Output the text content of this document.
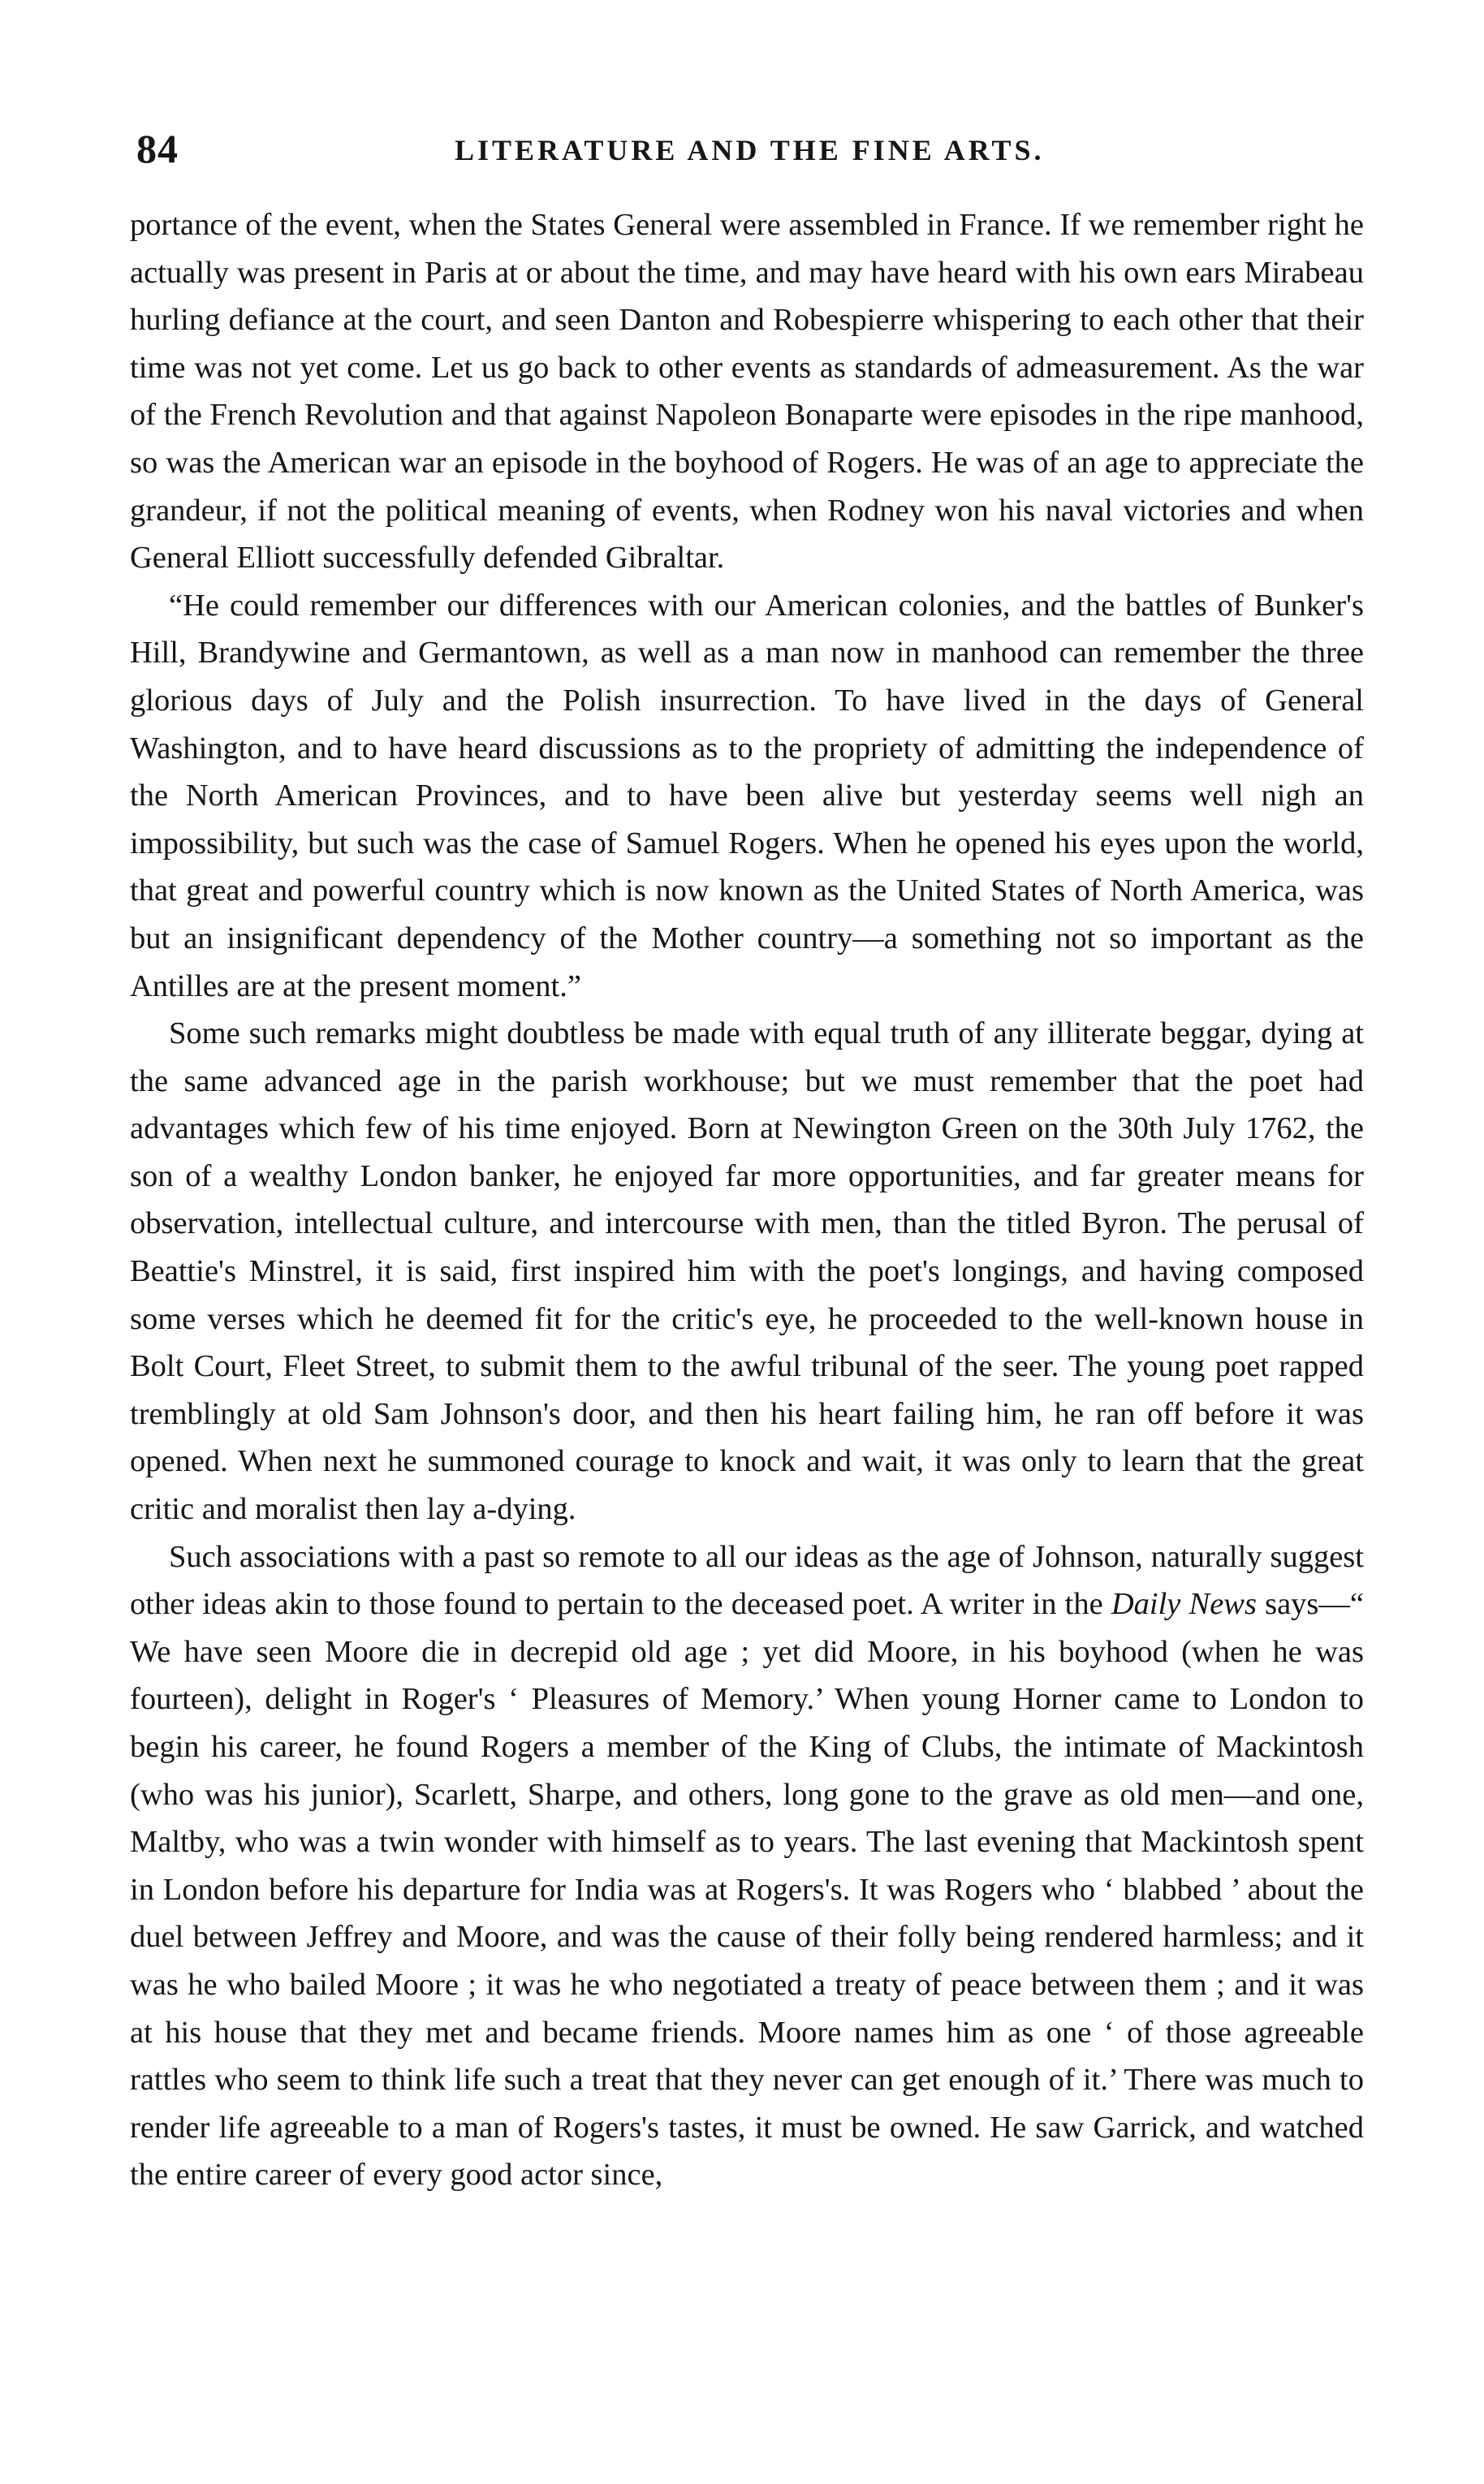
84	LITERATURE AND THE FINE ARTS.

portance of the event, when the States General were assembled in France. If we remember right he actually was present in Paris at or about the time, and may have heard with his own ears Mirabeau hurling defiance at the court, and seen Danton and Robespierre whispering to each other that their time was not yet come. Let us go back to other events as standards of admeasurement. As the war of the French Revolution and that against Napoleon Bonaparte were episodes in the ripe manhood, so was the American war an episode in the boyhood of Rogers. He was of an age to appreciate the grandeur, if not the political meaning of events, when Rodney won his naval victories and when General Elliott successfully defended Gibraltar.

“He could remember our differences with our American colonies, and the battles of Bunker's Hill, Brandywine and Germantown, as well as a man now in manhood can remember the three glorious days of July and the Polish insurrection. To have lived in the days of General Washington, and to have heard discussions as to the propriety of admitting the independence of the North American Provinces, and to have been alive but yesterday seems well nigh an impossibility, but such was the case of Samuel Rogers. When he opened his eyes upon the world, that great and powerful country which is now known as the United States of North America, was but an insignificant dependency of the Mother country—a something not so important as the Antilles are at the present moment.”

Some such remarks might doubtless be made with equal truth of any illiterate beggar, dying at the same advanced age in the parish workhouse; but we must remember that the poet had advantages which few of his time enjoyed. Born at Newington Green on the 30th July 1762, the son of a wealthy London banker, he enjoyed far more opportunities, and far greater means for observation, intellectual culture, and intercourse with men, than the titled Byron. The perusal of Beattie's Minstrel, it is said, first inspired him with the poet's longings, and having composed some verses which he deemed fit for the critic's eye, he proceeded to the well-known house in Bolt Court, Fleet Street, to submit them to the awful tribunal of the seer. The young poet rapped tremblingly at old Sam Johnson's door, and then his heart failing him, he ran off before it was opened. When next he summoned courage to knock and wait, it was only to learn that the great critic and moralist then lay a-dying.

Such associations with a past so remote to all our ideas as the age of Johnson, naturally suggest other ideas akin to those found to pertain to the deceased poet. A writer in the Daily News says—“ We have seen Moore die in decrepid old age ; yet did Moore, in his boyhood (when he was fourteen), delight in Roger's ‘ Pleasures of Memory.’ When young Horner came to London to begin his career, he found Rogers a member of the King of Clubs, the intimate of Mackintosh (who was his junior), Scarlett, Sharpe, and others, long gone to the grave as old men—and one, Maltby, who was a twin wonder with himself as to years. The last evening that Mackintosh spent in London before his departure for India was at Rogers's. It was Rogers who ‘ blabbed ’ about the duel between Jeffrey and Moore, and was the cause of their folly being rendered harmless; and it was he who bailed Moore ; it was he who negotiated a treaty of peace between them ; and it was at his house that they met and became friends. Moore names him as one ‘ of those agreeable rattles who seem to think life such a treat that they never can get enough of it.’ There was much to render life agreeable to a man of Rogers's tastes, it must be owned. He saw Garrick, and watched the entire career of every good actor since,
